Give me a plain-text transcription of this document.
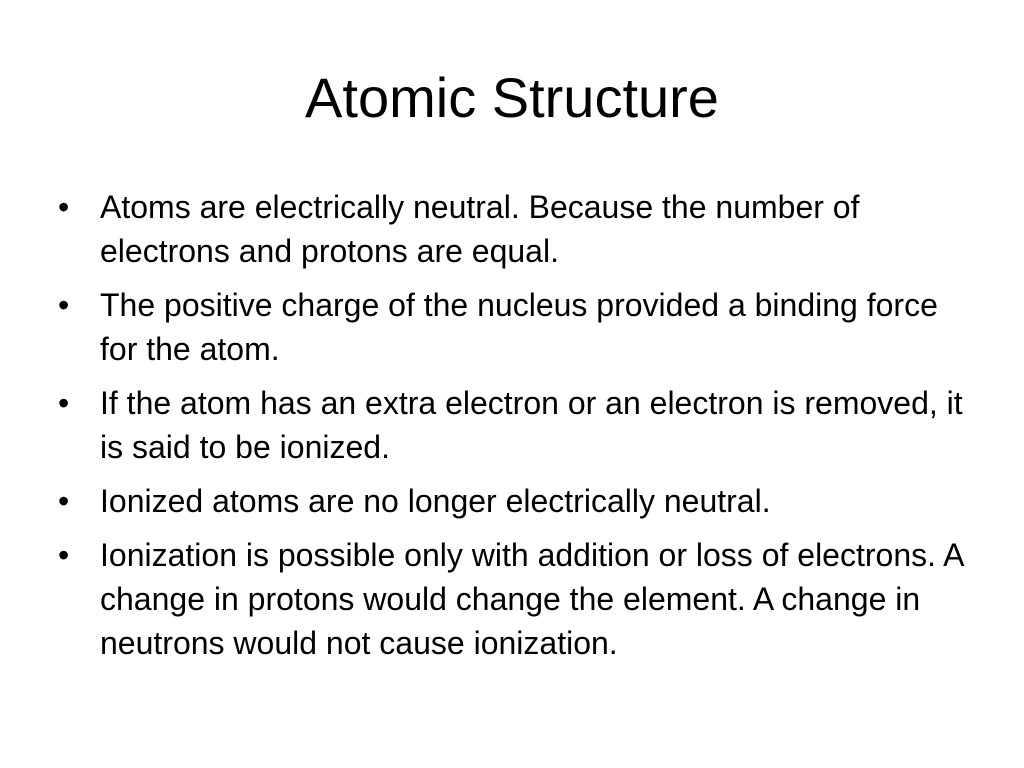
Atomic Structure
• Atoms are electrically neutral. Because the number of electrons and protons are equal.
• The positive charge of the nucleus provided a binding force for the atom.
• If the atom has an extra electron or an electron is removed, it is said to be ionized.
• Ionized atoms are no longer electrically neutral.
• Ionization is possible only with addition or loss of electrons. A change in protons would change the element. A change in neutrons would not cause ionization.
